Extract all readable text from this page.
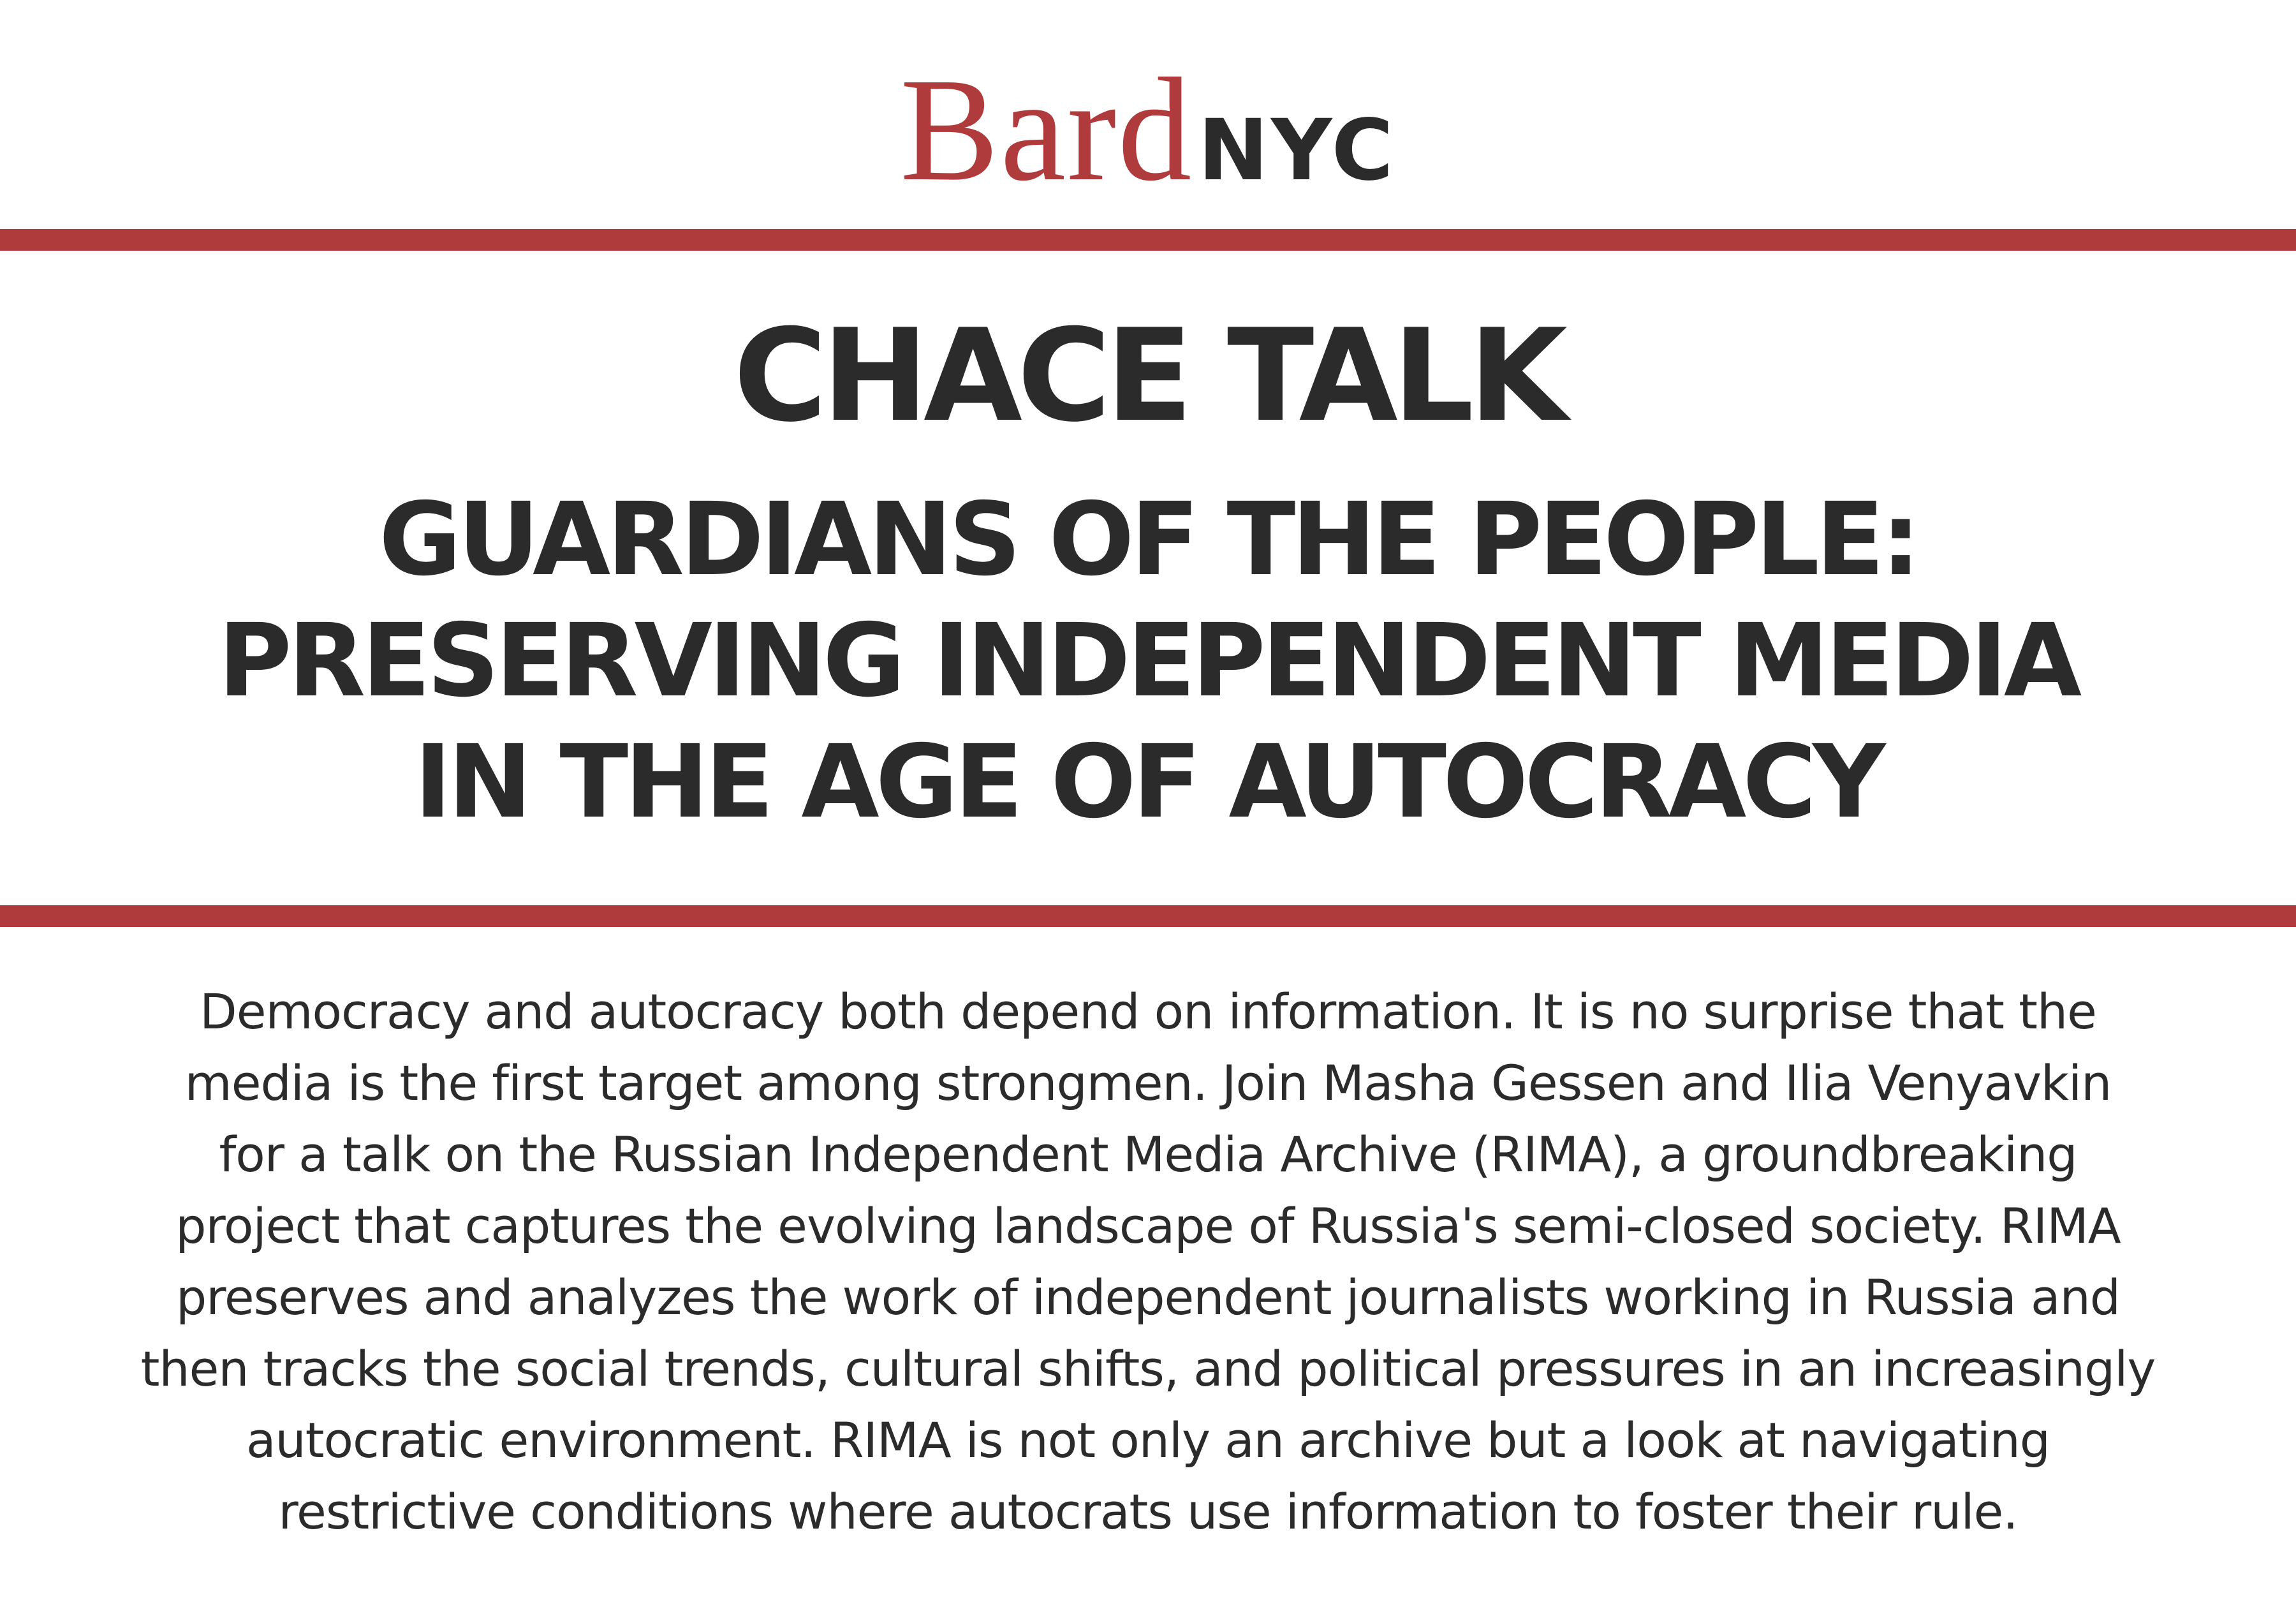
BardNYC
CHACE TALK
GUARDIANS OF THE PEOPLE:
PRESERVING INDEPENDENT MEDIA
IN THE AGE OF AUTOCRACY
Democracy and autocracy both depend on information. It is no surprise that the
media is the first target among strongmen. Join Masha Gessen and Ilia Venyavkin
for a talk on the Russian Independent Media Archive (RIMA), a groundbreaking
project that captures the evolving landscape of Russia's semi-closed society. RIMA
preserves and analyzes the work of independent journalists working in Russia and
then tracks the social trends, cultural shifts, and political pressures in an increasingly
autocratic environment. RIMA is not only an archive but a look at navigating
restrictive conditions where autocrats use information to foster their rule.
